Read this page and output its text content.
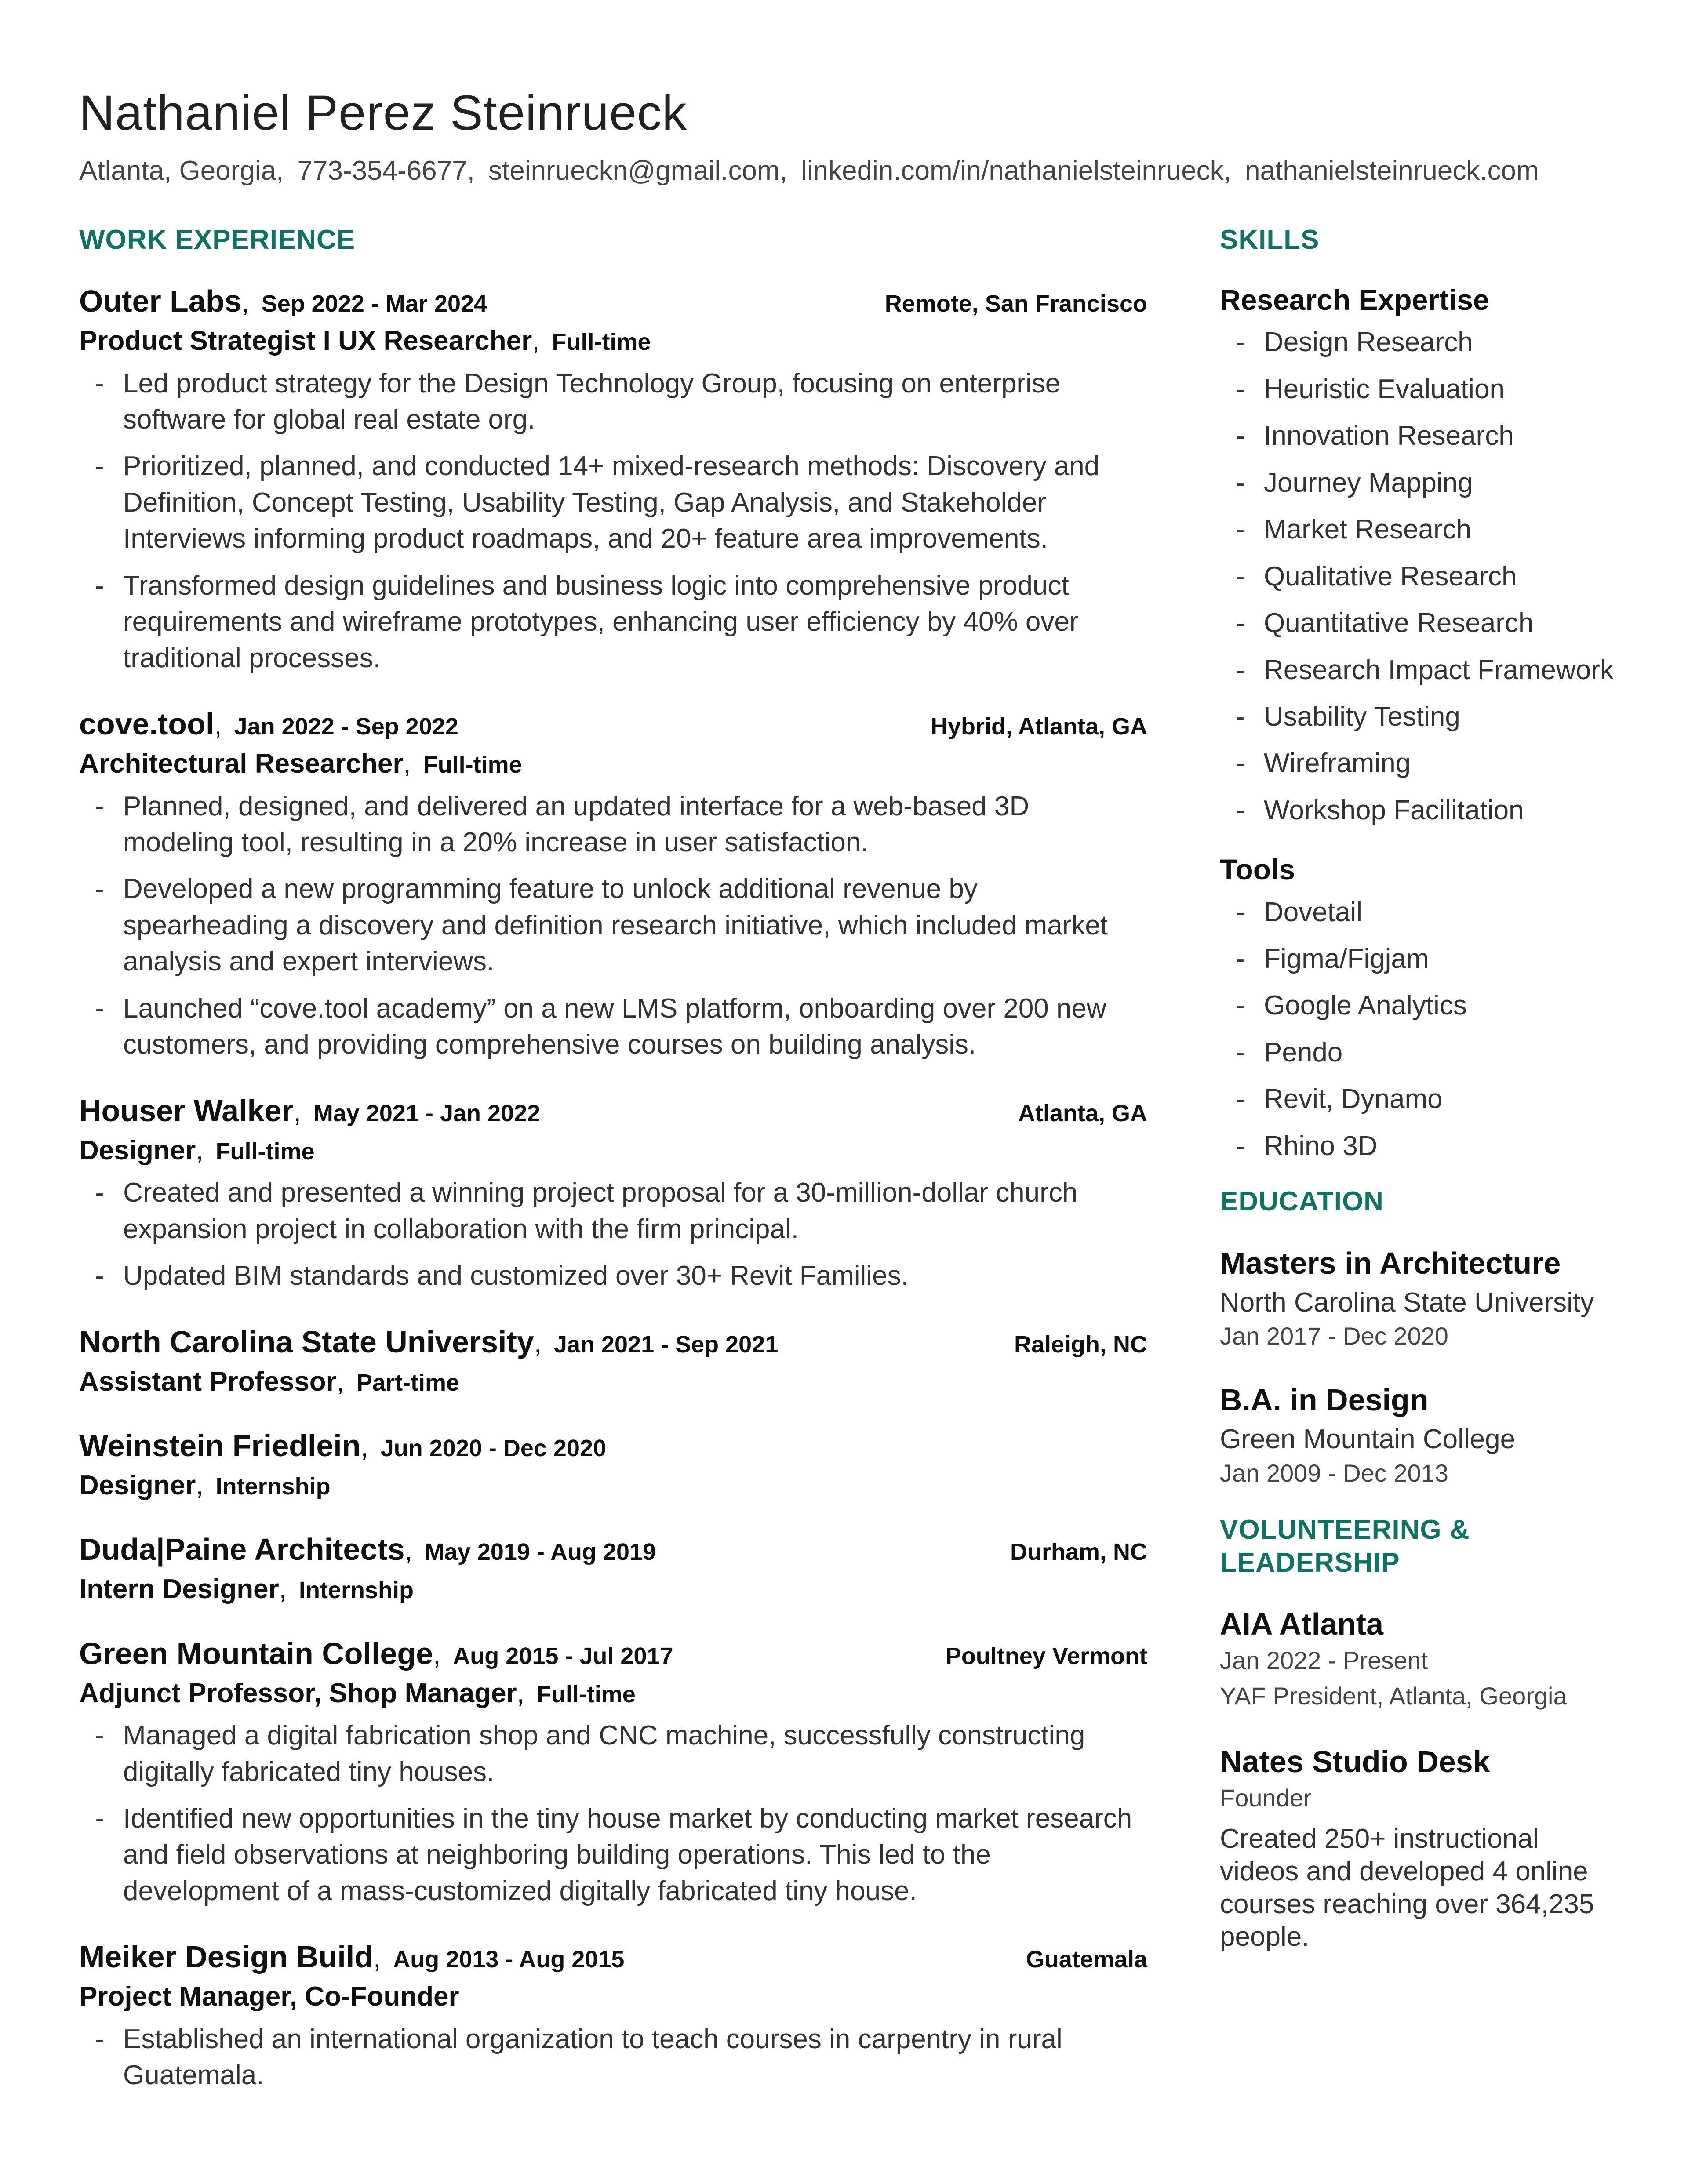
Nathaniel Perez Steinrueck
Atlanta, Georgia, 773-354-6677, steinrueckn@gmail.com, linkedin.com/in/nathanielsteinrueck, nathanielsteinrueck.com
WORK EXPERIENCE
Outer Labs, Sep 2022 - Mar 2024	Remote, San Francisco
Product Strategist I UX Researcher, Full-time
- Led product strategy for the Design Technology Group, focusing on enterprise software for global real estate org.
- Prioritized, planned, and conducted 14+ mixed-research methods: Discovery and Definition, Concept Testing, Usability Testing, Gap Analysis, and Stakeholder Interviews informing product roadmaps, and 20+ feature area improvements.
- Transformed design guidelines and business logic into comprehensive product requirements and wireframe prototypes, enhancing user efficiency by 40% over traditional processes.
cove.tool, Jan 2022 - Sep 2022	Hybrid, Atlanta, GA
Architectural Researcher, Full-time
- Planned, designed, and delivered an updated interface for a web-based 3D modeling tool, resulting in a 20% increase in user satisfaction.
- Developed a new programming feature to unlock additional revenue by spearheading a discovery and definition research initiative, which included market analysis and expert interviews.
- Launched “cove.tool academy” on a new LMS platform, onboarding over 200 new customers, and providing comprehensive courses on building analysis.
Houser Walker, May 2021 - Jan 2022	Atlanta, GA
Designer, Full-time
- Created and presented a winning project proposal for a 30-million-dollar church expansion project in collaboration with the firm principal.
- Updated BIM standards and customized over 30+ Revit Families.
North Carolina State University, Jan 2021 - Sep 2021	Raleigh, NC
Assistant Professor, Part-time
Weinstein Friedlein, Jun 2020 - Dec 2020
Designer, Internship
Duda|Paine Architects, May 2019 - Aug 2019	Durham, NC
Intern Designer, Internship
Green Mountain College, Aug 2015 - Jul 2017	Poultney Vermont
Adjunct Professor, Shop Manager, Full-time
- Managed a digital fabrication shop and CNC machine, successfully constructing digitally fabricated tiny houses.
- Identified new opportunities in the tiny house market by conducting market research and field observations at neighboring building operations. This led to the development of a mass-customized digitally fabricated tiny house.
Meiker Design Build, Aug 2013 - Aug 2015	Guatemala
Project Manager, Co-Founder
- Established an international organization to teach courses in carpentry in rural Guatemala.
SKILLS
Research Expertise
- Design Research
- Heuristic Evaluation
- Innovation Research
- Journey Mapping
- Market Research
- Qualitative Research
- Quantitative Research
- Research Impact Framework
- Usability Testing
- Wireframing
- Workshop Facilitation
Tools
- Dovetail
- Figma/Figjam
- Google Analytics
- Pendo
- Revit, Dynamo
- Rhino 3D
EDUCATION
Masters in Architecture
North Carolina State University
Jan 2017 - Dec 2020
B.A. in Design
Green Mountain College
Jan 2009 - Dec 2013
VOLUNTEERING & LEADERSHIP
AIA Atlanta
Jan 2022 - Present
YAF President, Atlanta, Georgia
Nates Studio Desk
Founder
Created 250+ instructional videos and developed 4 online courses reaching over 364,235 people.
